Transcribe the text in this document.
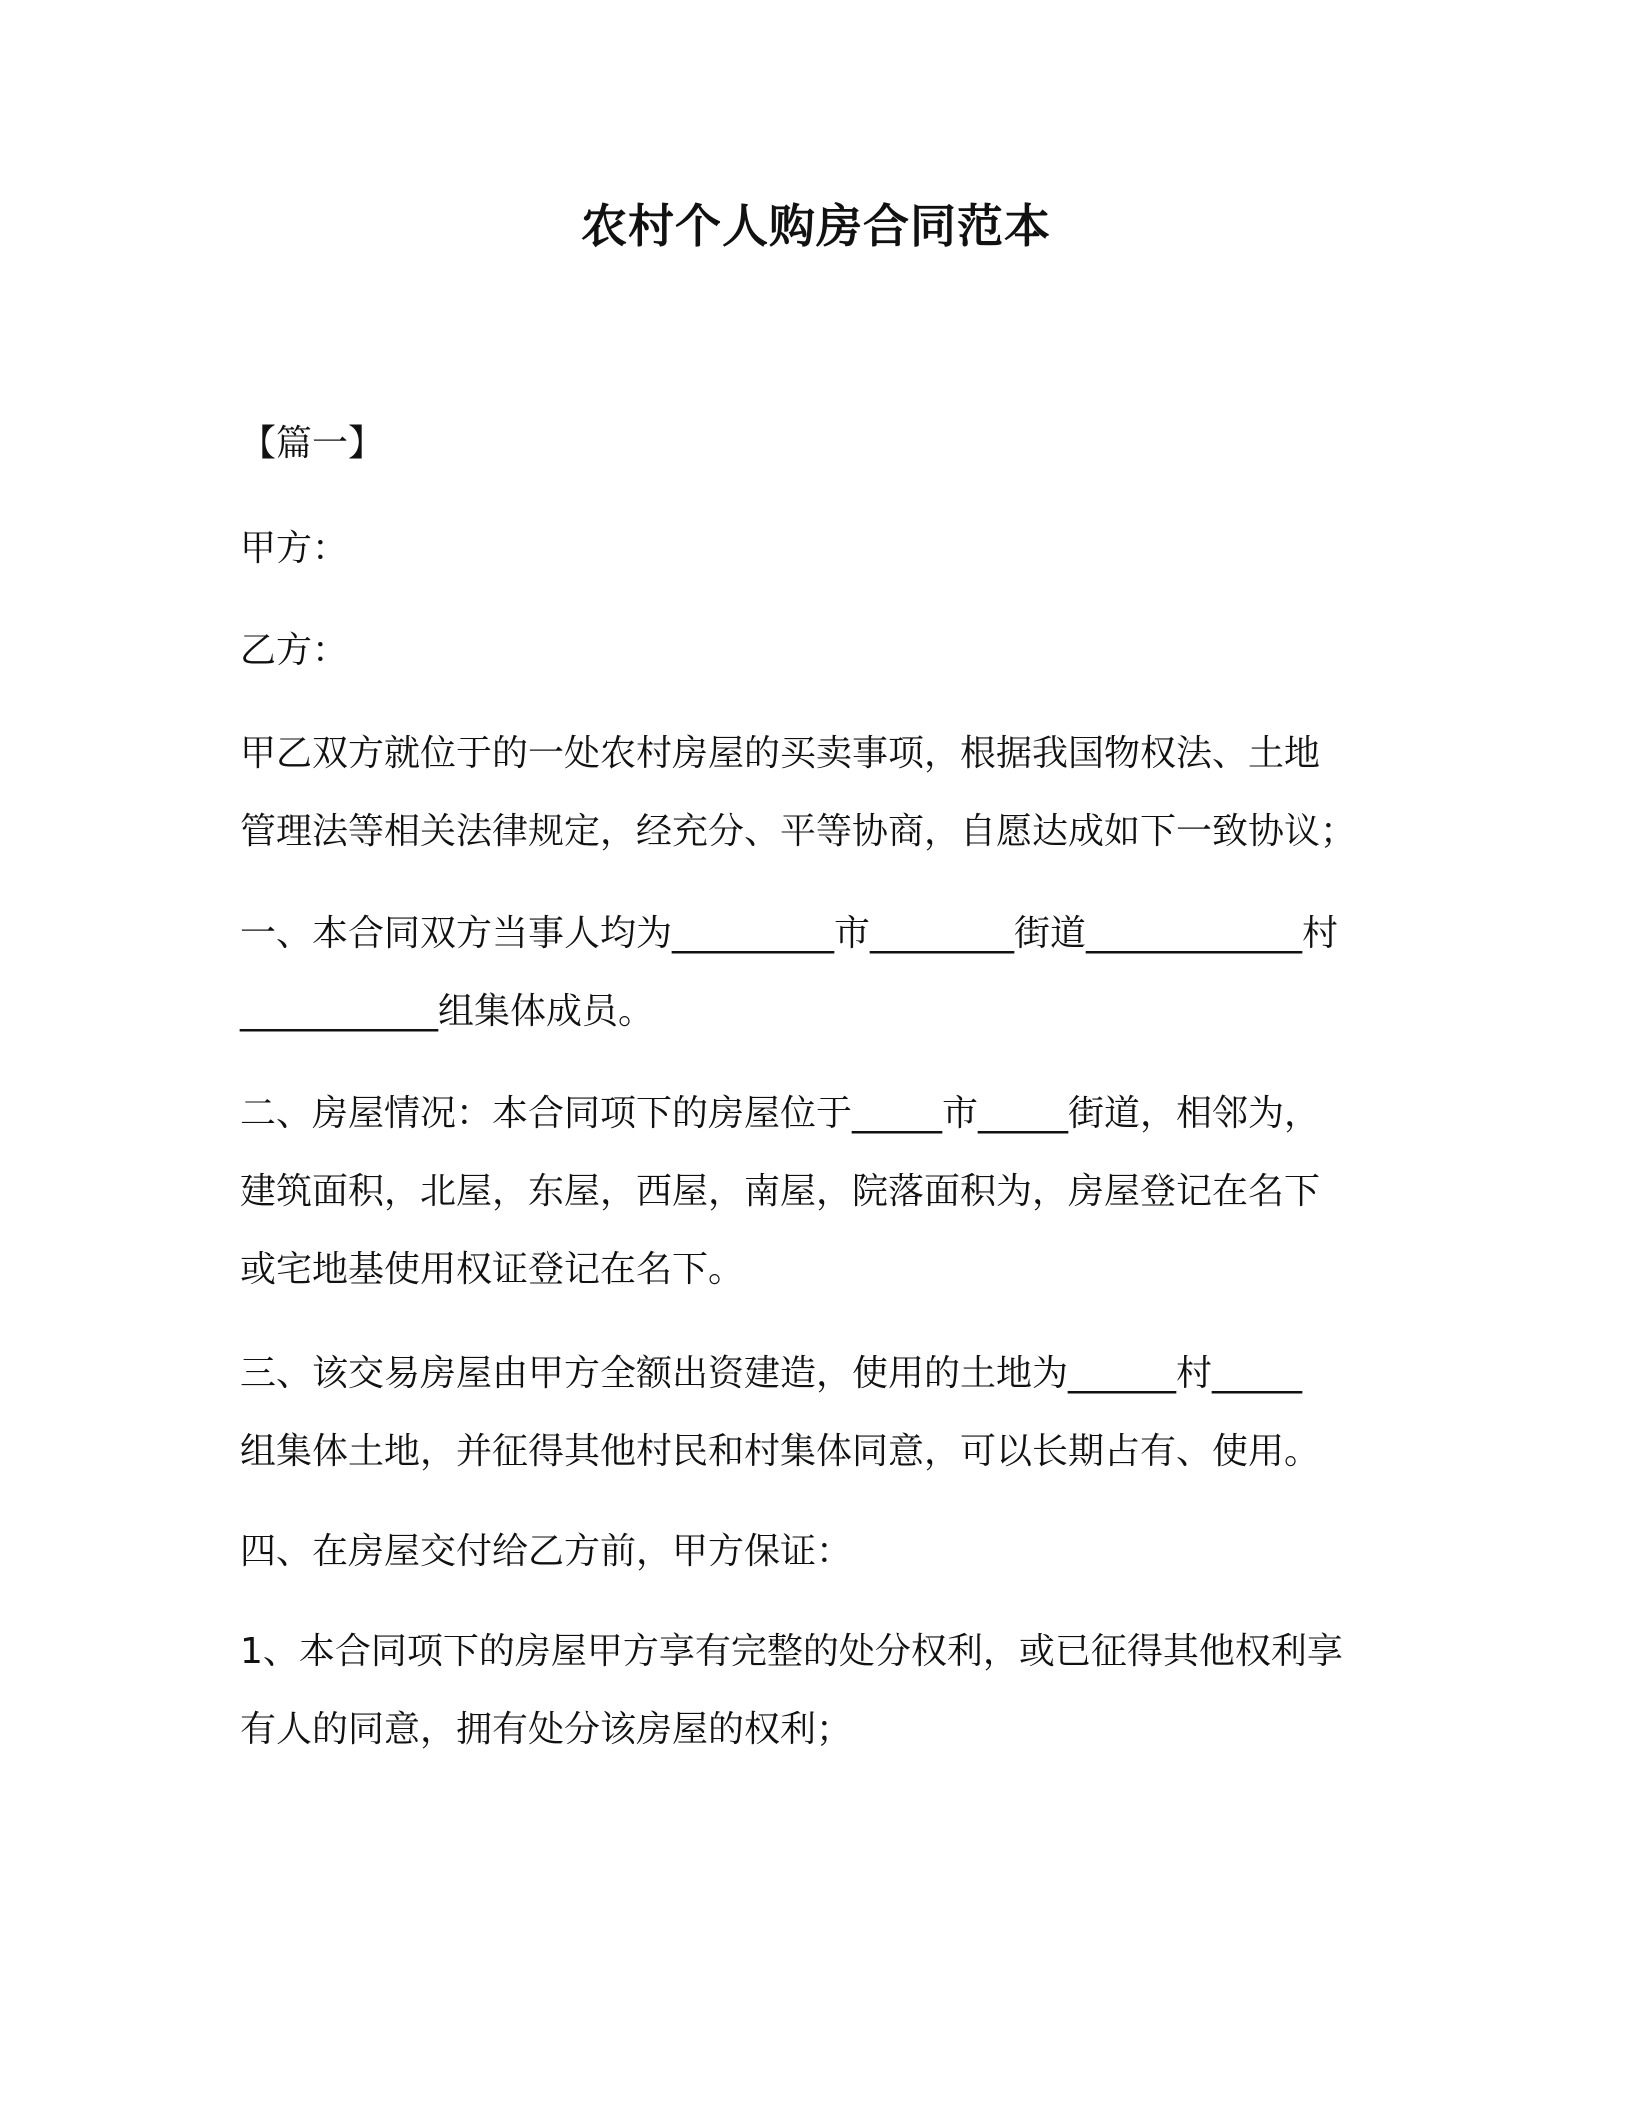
农村个人购房合同范本
【篇一】
甲方：
乙方：
甲乙双方就位于的一处农村房屋的买卖事项，根据我国物权法、土地
管理法等相关法律规定，经充分、平等协商，自愿达成如下一致协议；
一、本合同双方当事人均为_________市________街道____________村
___________组集体成员。
二、房屋情况：本合同项下的房屋位于_____市_____街道，相邻为，
建筑面积，北屋，东屋，西屋，南屋，院落面积为，房屋登记在名下
或宅地基使用权证登记在名下。
三、该交易房屋由甲方全额出资建造，使用的土地为______村_____
组集体土地，并征得其他村民和村集体同意，可以长期占有、使用。
四、在房屋交付给乙方前，甲方保证：
1、本合同项下的房屋甲方享有完整的处分权利，或已征得其他权利享
有人的同意，拥有处分该房屋的权利；
